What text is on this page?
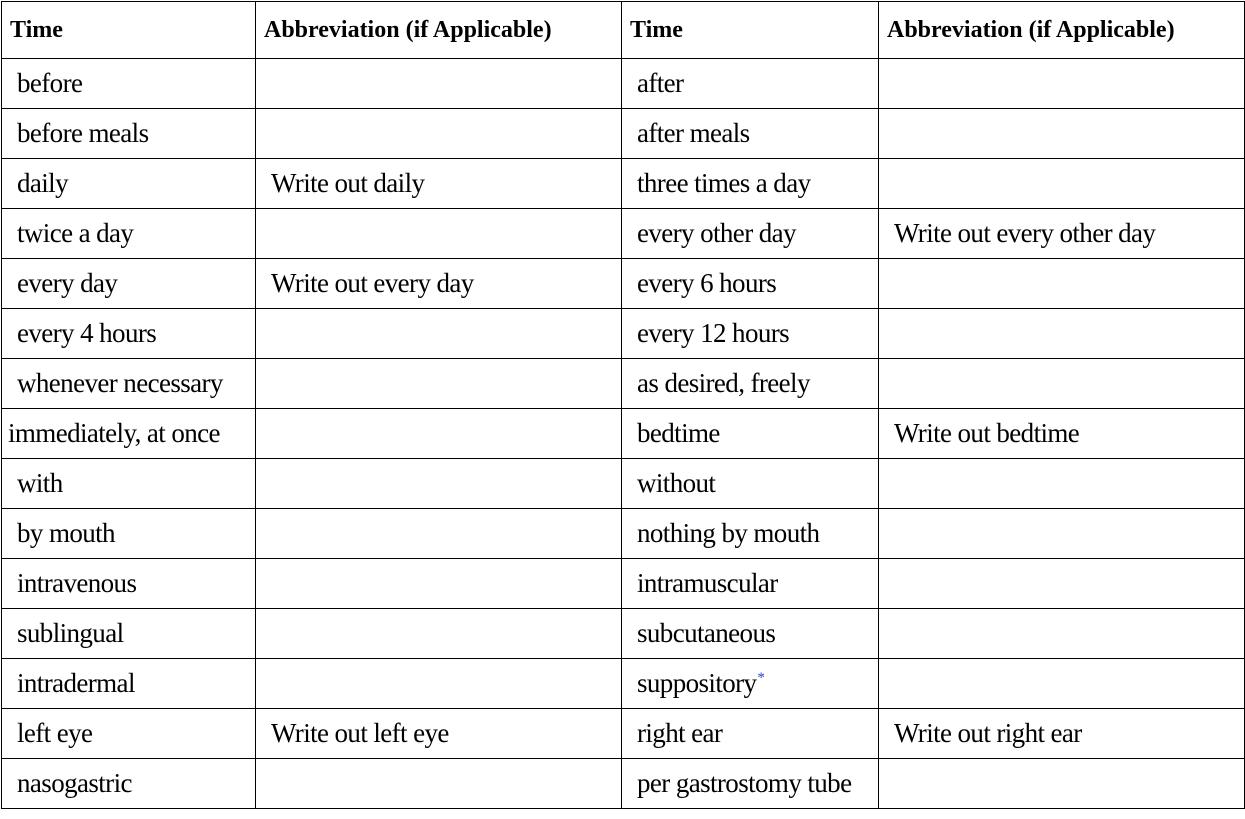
Time	Abbreviation (if Applicable)	Time	Abbreviation (if Applicable)
before		after	
before meals		after meals	
daily	Write out daily	three times a day	
twice a day		every other day	Write out every other day
every day	Write out every day	every 6 hours	
every 4 hours		every 12 hours	
whenever necessary		as desired, freely	
immediately, at once		bedtime	Write out bedtime
with		without	
by mouth		nothing by mouth	
intravenous		intramuscular	
sublingual		subcutaneous	
intradermal		suppository*	
left eye	Write out left eye	right ear	Write out right ear
nasogastric		per gastrostomy tube	
